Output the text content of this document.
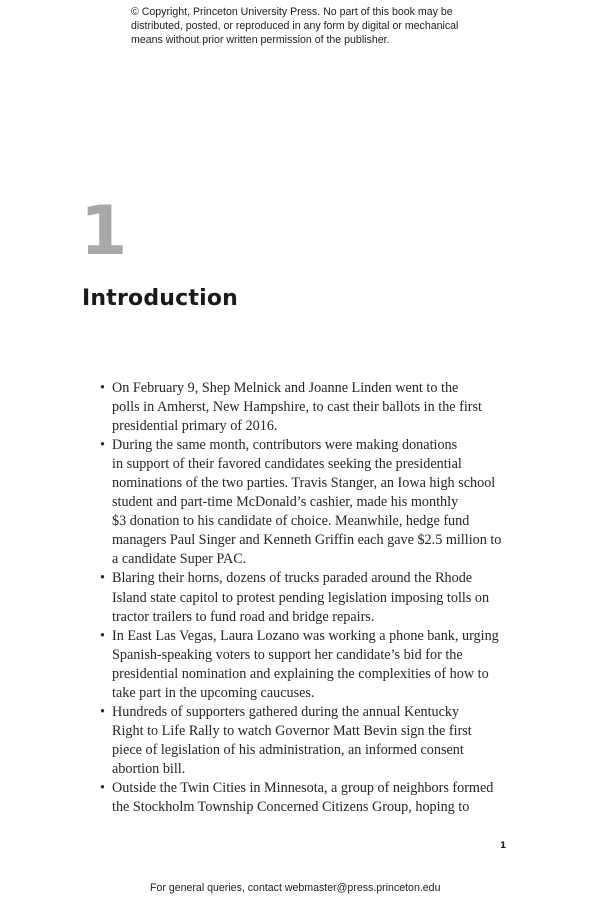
© Copyright, Princeton University Press. No part of this book may be
distributed, posted, or reproduced in any form by digital or mechanical
means without prior written permission of the publisher.
1
Introduction
• On February 9, Shep Melnick and Joanne Linden went to the
polls in Amherst, New Hampshire, to cast their ballots in the first
presidential primary of 2016.
• During the same month, contributors were making donations
in support of their favored candidates seeking the presidential
nominations of the two parties. Travis Stanger, an Iowa high school
student and part-time McDonald’s cashier, made his monthly
$3 donation to his candidate of choice. Meanwhile, hedge fund
managers Paul Singer and Kenneth Griffin each gave $2.5 million to
a candidate Super PAC.
• Blaring their horns, dozens of trucks paraded around the Rhode
Island state capitol to protest pending legislation imposing tolls on
tractor trailers to fund road and bridge repairs.
• In East Las Vegas, Laura Lozano was working a phone bank, urging
Spanish-speaking voters to support her candidate’s bid for the
presidential nomination and explaining the complexities of how to
take part in the upcoming caucuses.
• Hundreds of supporters gathered during the annual Kentucky
Right to Life Rally to watch Governor Matt Bevin sign the first
piece of legislation of his administration, an informed consent
abortion bill.
• Outside the Twin Cities in Minnesota, a group of neighbors formed
the Stockholm Township Concerned Citizens Group, hoping to
1
For general queries, contact webmaster@press.princeton.edu
